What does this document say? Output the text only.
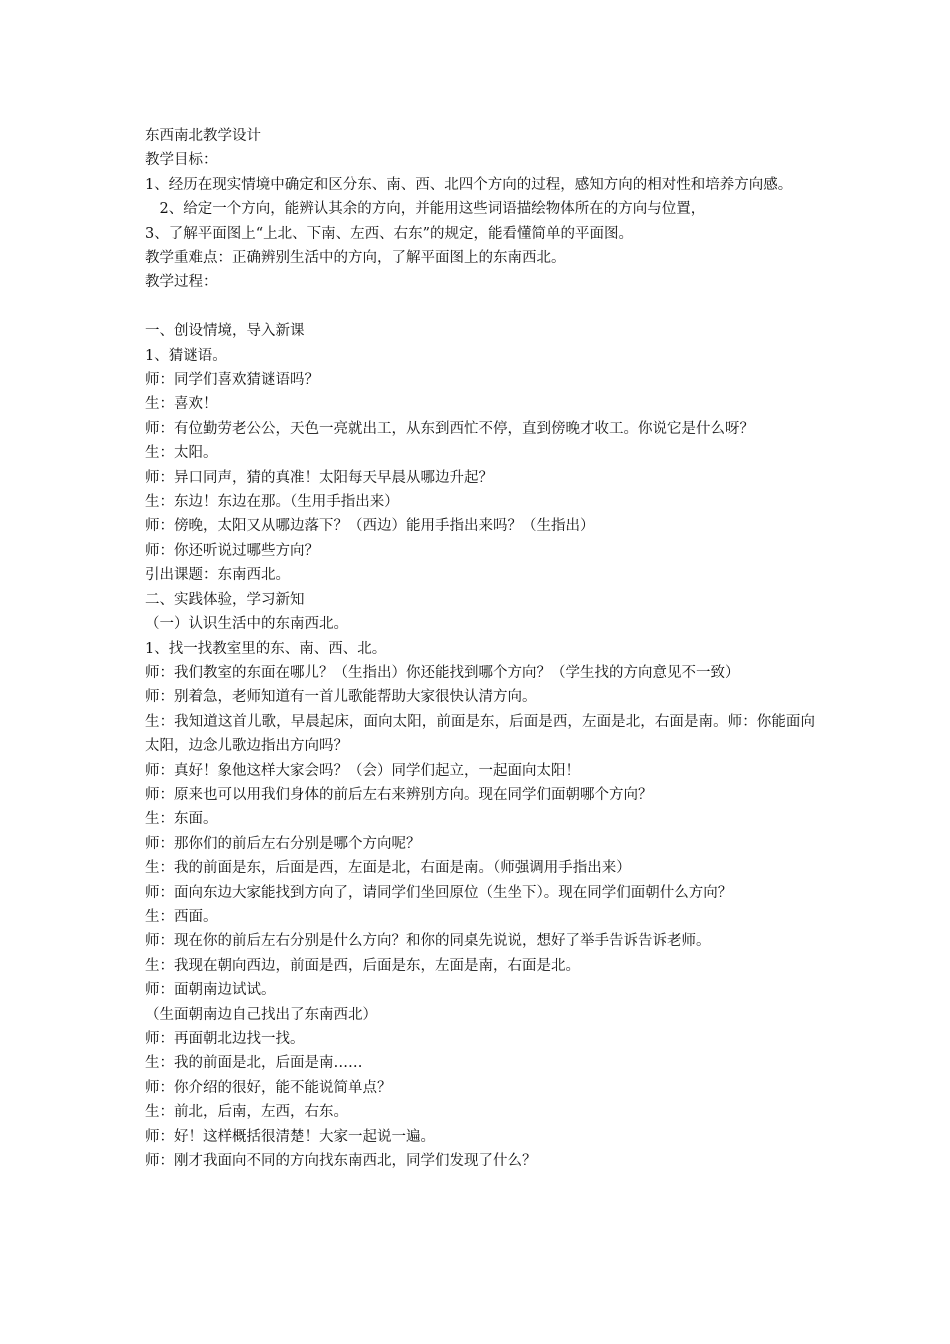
东西南北教学设计

教学目标：

1、经历在现实情境中确定和区分东、南、西、北四个方向的过程，感知方向的相对性和培养方向感。

　2、给定一个方向，能辨认其余的方向，并能用这些词语描绘物体所在的方向与位置，

3、了解平面图上“上北、下南、左西、右东”的规定，能看懂简单的平面图。

教学重难点：正确辨别生活中的方向，了解平面图上的东南西北。

教学过程：

一、创设情境，导入新课

1、猜谜语。

师：同学们喜欢猜谜语吗？

生：喜欢！

师：有位勤劳老公公，天色一亮就出工，从东到西忙不停，直到傍晚才收工。你说它是什么呀？

生：太阳。

师：异口同声，猜的真准！太阳每天早晨从哪边升起？

生：东边！东边在那。（生用手指出来）

师：傍晚，太阳又从哪边落下？（西边）能用手指出来吗？（生指出）

师：你还听说过哪些方向？

引出课题：东南西北。

二、实践体验，学习新知

（一）认识生活中的东南西北。

1、找一找教室里的东、南、西、北。

师：我们教室的东面在哪儿？（生指出）你还能找到哪个方向？（学生找的方向意见不一致）

师：别着急，老师知道有一首儿歌能帮助大家很快认清方向。

生：我知道这首儿歌，早晨起床，面向太阳，前面是东，后面是西，左面是北，右面是南。师：你能面向太阳，边念儿歌边指出方向吗？

师：真好！象他这样大家会吗？（会）同学们起立，一起面向太阳！

师：原来也可以用我们身体的前后左右来辨别方向。现在同学们面朝哪个方向？

生：东面。

师：那你们的前后左右分别是哪个方向呢？

生：我的前面是东，后面是西，左面是北，右面是南。（师强调用手指出来）

师：面向东边大家能找到方向了，请同学们坐回原位（生坐下）。现在同学们面朝什么方向？

生：西面。

师：现在你的前后左右分别是什么方向？和你的同桌先说说，想好了举手告诉告诉老师。

生：我现在朝向西边，前面是西，后面是东，左面是南，右面是北。

师：面朝南边试试。

（生面朝南边自己找出了东南西北）

师：再面朝北边找一找。

生：我的前面是北，后面是南……

师：你介绍的很好，能不能说简单点？

生：前北，后南，左西，右东。

师：好！这样概括很清楚！大家一起说一遍。

师：刚才我面向不同的方向找东南西北，同学们发现了什么？
